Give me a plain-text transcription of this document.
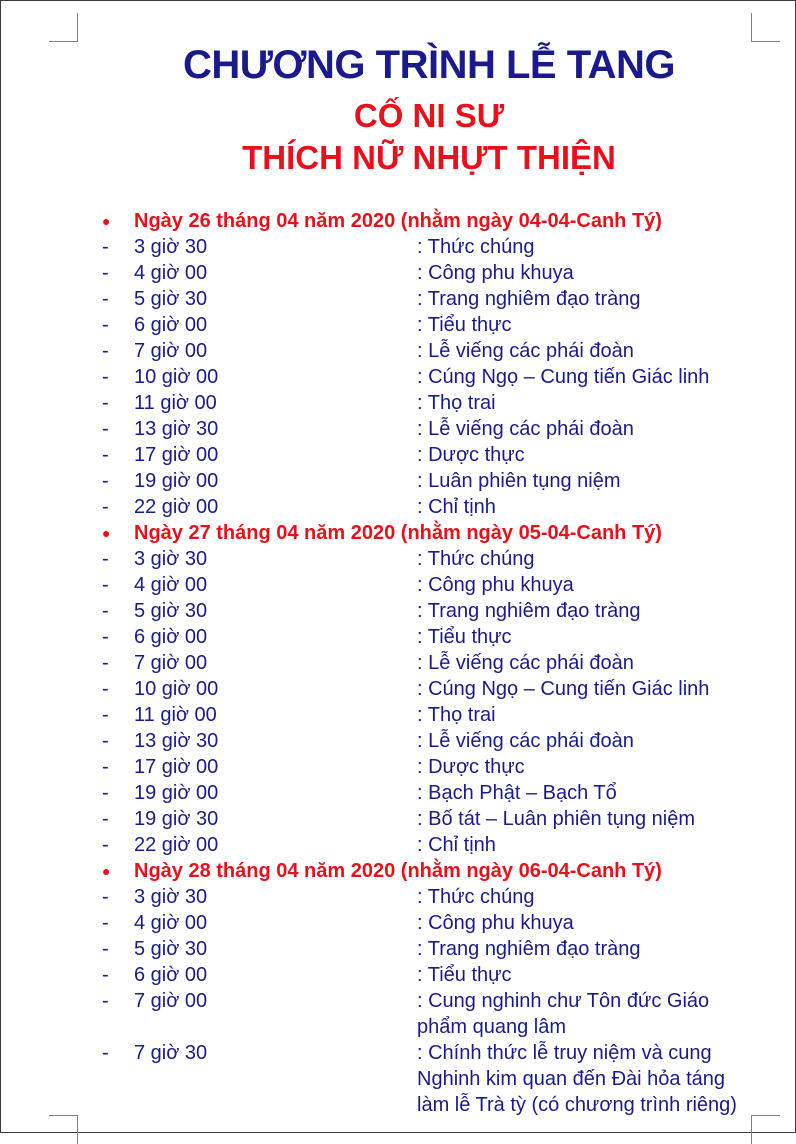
CHƯƠNG TRÌNH LỄ TANG
CỐ NI SƯ
THÍCH NỮ NHỰT THIỆN
● Ngày 26 tháng 04 năm 2020 (nhằm ngày 04-04-Canh Tý)
- 3 giờ 30	: Thức chúng
- 4 giờ 00	: Công phu khuya
- 5 giờ 30	: Trang nghiêm đạo tràng
- 6 giờ 00	: Tiểu thực
- 7 giờ 00	: Lễ viếng các phái đoàn
- 10 giờ 00	: Cúng Ngọ – Cung tiến Giác linh
- 11 giờ 00	: Thọ trai
- 13 giờ 30	: Lễ viếng các phái đoàn
- 17 giờ 00	: Dược thực
- 19 giờ 00	: Luân phiên tụng niệm
- 22 giờ 00	: Chỉ tịnh
● Ngày 27 tháng 04 năm 2020 (nhằm ngày 05-04-Canh Tý)
- 3 giờ 30	: Thức chúng
- 4 giờ 00	: Công phu khuya
- 5 giờ 30	: Trang nghiêm đạo tràng
- 6 giờ 00	: Tiểu thực
- 7 giờ 00	: Lễ viếng các phái đoàn
- 10 giờ 00	: Cúng Ngọ – Cung tiến Giác linh
- 11 giờ 00	: Thọ trai
- 13 giờ 30	: Lễ viếng các phái đoàn
- 17 giờ 00	: Dược thực
- 19 giờ 00	: Bạch Phật – Bạch Tổ
- 19 giờ 30	: Bố tát – Luân phiên tụng niệm
- 22 giờ 00	: Chỉ tịnh
● Ngày 28 tháng 04 năm 2020 (nhằm ngày 06-04-Canh Tý)
- 3 giờ 30	: Thức chúng
- 4 giờ 00	: Công phu khuya
- 5 giờ 30	: Trang nghiêm đạo tràng
- 6 giờ 00	: Tiểu thực
- 7 giờ 00	: Cung nghinh chư Tôn đức Giáo phẩm quang lâm
- 7 giờ 30	: Chính thức lễ truy niệm và cung Nghinh kim quan đến Đài hỏa táng làm lễ Trà tỳ (có chương trình riêng)
